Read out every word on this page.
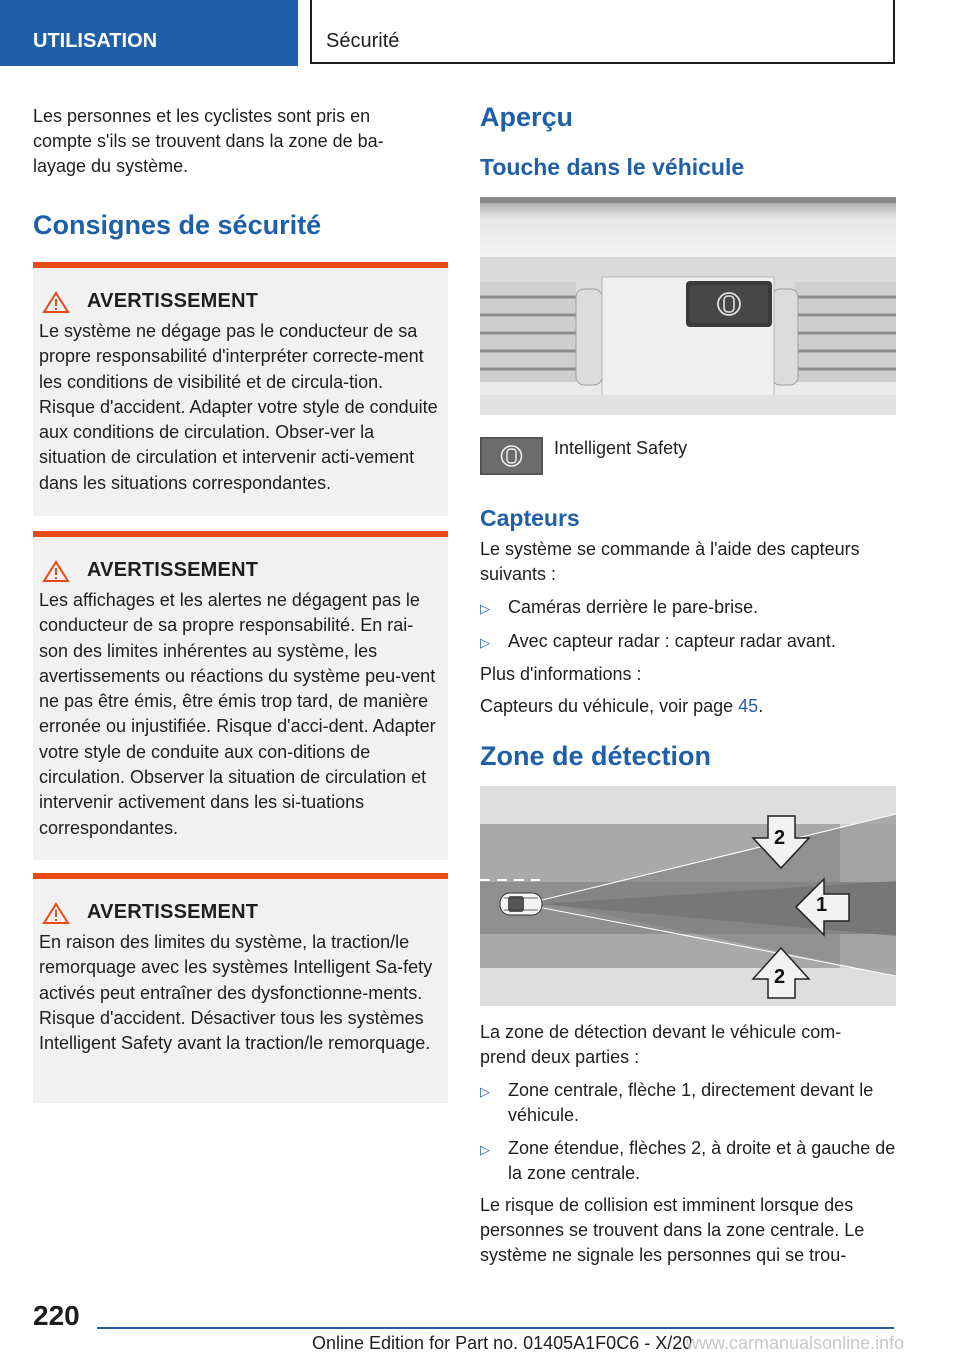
UTILISATION	Sécurité

Les personnes et les cyclistes sont pris en compte s'ils se trouvent dans la zone de ba-layage du système.

Consignes de sécurité
AVERTISSEMENT

Le système ne dégage pas le conducteur de sa propre responsabilité d'interpréter correcte-ment les conditions de visibilité et de circula-tion. Risque d'accident. Adapter votre style de conduite aux conditions de circulation. Obser-ver la situation de circulation et intervenir acti-vement dans les situations correspondantes.

AVERTISSEMENT

Les affichages et les alertes ne dégagent pas le conducteur de sa propre responsabilité. En rai-son des limites inhérentes au système, les avertissements ou réactions du système peu-vent ne pas être émis, être émis trop tard, de manière erronée ou injustifiée. Risque d'acci-dent. Adapter votre style de conduite aux con-ditions de circulation. Observer la situation de circulation et intervenir activement dans les si-tuations correspondantes.

AVERTISSEMENT

En raison des limites du système, la traction/le remorquage avec les systèmes Intelligent Sa-fety activés peut entraîner des dysfonctionne-ments. Risque d'accident. Désactiver tous les systèmes Intelligent Safety avant la traction/le remorquage.

Aperçu
Touche dans le véhicule
Intelligent Safety
Capteurs

Le système se commande à l'aide des capteurs suivants :

▷	Caméras derrière le pare-brise.
▷	Avec capteur radar : capteur radar avant.

Plus d'informations :

Capteurs du véhicule, voir page 45.

Zone de détection
2
1
2

La zone de détection devant le véhicule com-prend deux parties :

▷	Zone centrale, flèche 1, directement devant le véhicule.
▷	Zone étendue, flèches 2, à droite et à gauche de la zone centrale.

Le risque de collision est imminent lorsque des personnes se trouvent dans la zone centrale. Le système ne signale les personnes qui se trou-

220
Online Edition for Part no. 01405A1F0C6 - X/20
www.carmanualsonline.info
